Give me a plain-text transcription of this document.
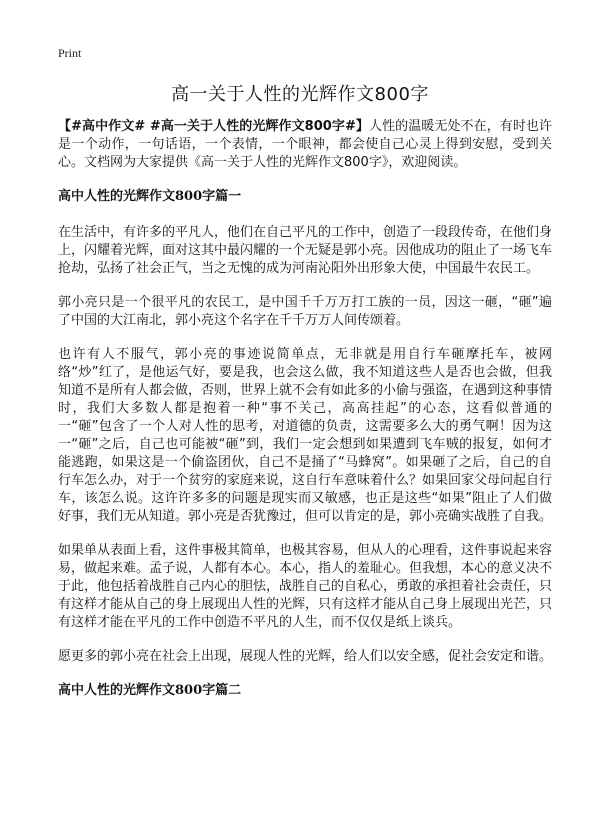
Print
高一关于人性的光辉作文800字

【#高中作文# #高一关于人性的光辉作文800字#】人性的温暖无处不在，有时也许是一个动作，一句话语，一个表情，一个眼神，都会使自己心灵上得到安慰，受到关心。文档网为大家提供《高一关于人性的光辉作文800字》，欢迎阅读。

高中人性的光辉作文800字篇一

在生活中，有许多的平凡人，他们在自己平凡的工作中，创造了一段段传奇，在他们身上，闪耀着光辉，面对这其中最闪耀的一个无疑是郭小亮。因他成功的阻止了一场飞车抢劫，弘扬了社会正气，当之无愧的成为河南沁阳外出形象大使，中国最牛农民工。

郭小亮只是一个很平凡的农民工，是中国千千万万打工族的一员，因这一砸，“砸”遍了中国的大江南北，郭小亮这个名字在千千万万人间传颂着。

也许有人不服气，郭小亮的事迹说简单点，无非就是用自行车砸摩托车，被网络“炒”红了，是他运气好，要是我，也会这么做，我不知道这些人是否也会做，但我知道不是所有人都会做，否则，世界上就不会有如此多的小偷与强盗，在遇到这种事情时，我们大多数人都是抱着一种“事不关己，高高挂起”的心态，这看似普通的一“砸”包含了一个人对人性的思考，对道德的负责，这需要多么大的勇气啊！因为这一“砸”之后，自己也可能被“砸”到，我们一定会想到如果遭到飞车贼的报复，如何才能逃跑，如果这是一个偷盗团伙，自己不是捅了“马蜂窝”。如果砸了之后，自己的自行车怎么办，对于一个贫穷的家庭来说，这自行车意味着什么？如果回家父母问起自行车，该怎么说。这许许多多的问题是现实而又敏感，也正是这些“如果”阻止了人们做好事，我们无从知道。郭小亮是否犹豫过，但可以肯定的是，郭小亮确实战胜了自我。

如果单从表面上看，这件事极其简单，也极其容易，但从人的心理看，这件事说起来容易，做起来难。孟子说，人都有本心。本心，指人的羞耻心。但我想，本心的意义决不于此，他包括着战胜自己内心的胆怯，战胜自己的自私心，勇敢的承担着社会责任，只有这样才能从自己的身上展现出人性的光辉，只有这样才能从自己身上展现出光芒，只有这样才能在平凡的工作中创造不平凡的人生，而不仅仅是纸上谈兵。

愿更多的郭小亮在社会上出现，展现人性的光辉，给人们以安全感，促社会安定和谐。

高中人性的光辉作文800字篇二
